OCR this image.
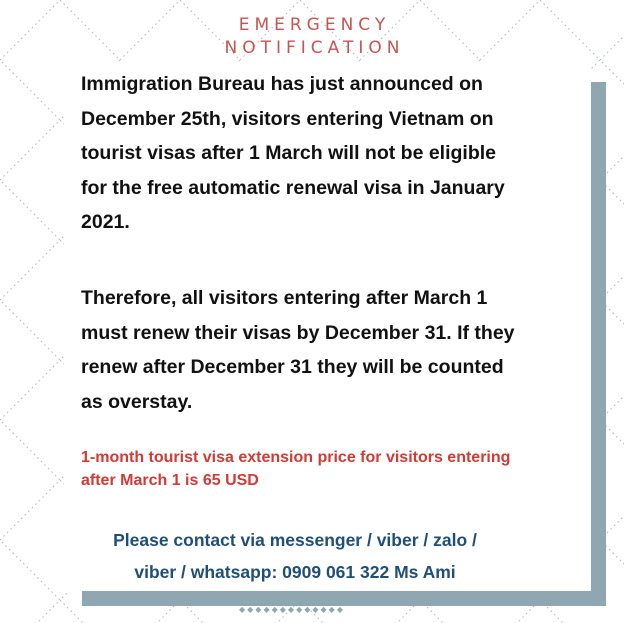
EMERGENCY
NOTIFICATION

Immigration Bureau has just announced on December 25th, visitors entering Vietnam on tourist visas after 1 March will not be eligible for the free automatic renewal visa in January 2021.

Therefore, all visitors entering after March 1 must renew their visas by December 31. If they renew after December 31 they will be counted as overstay.

1-month tourist visa extension price for visitors entering after March 1 is 65 USD

Please contact via messenger / viber / zalo /
viber / whatsapp: 0909 061 322 Ms Ami
◆◆◆◆◆◆◆◆◆◆◆◆◆
